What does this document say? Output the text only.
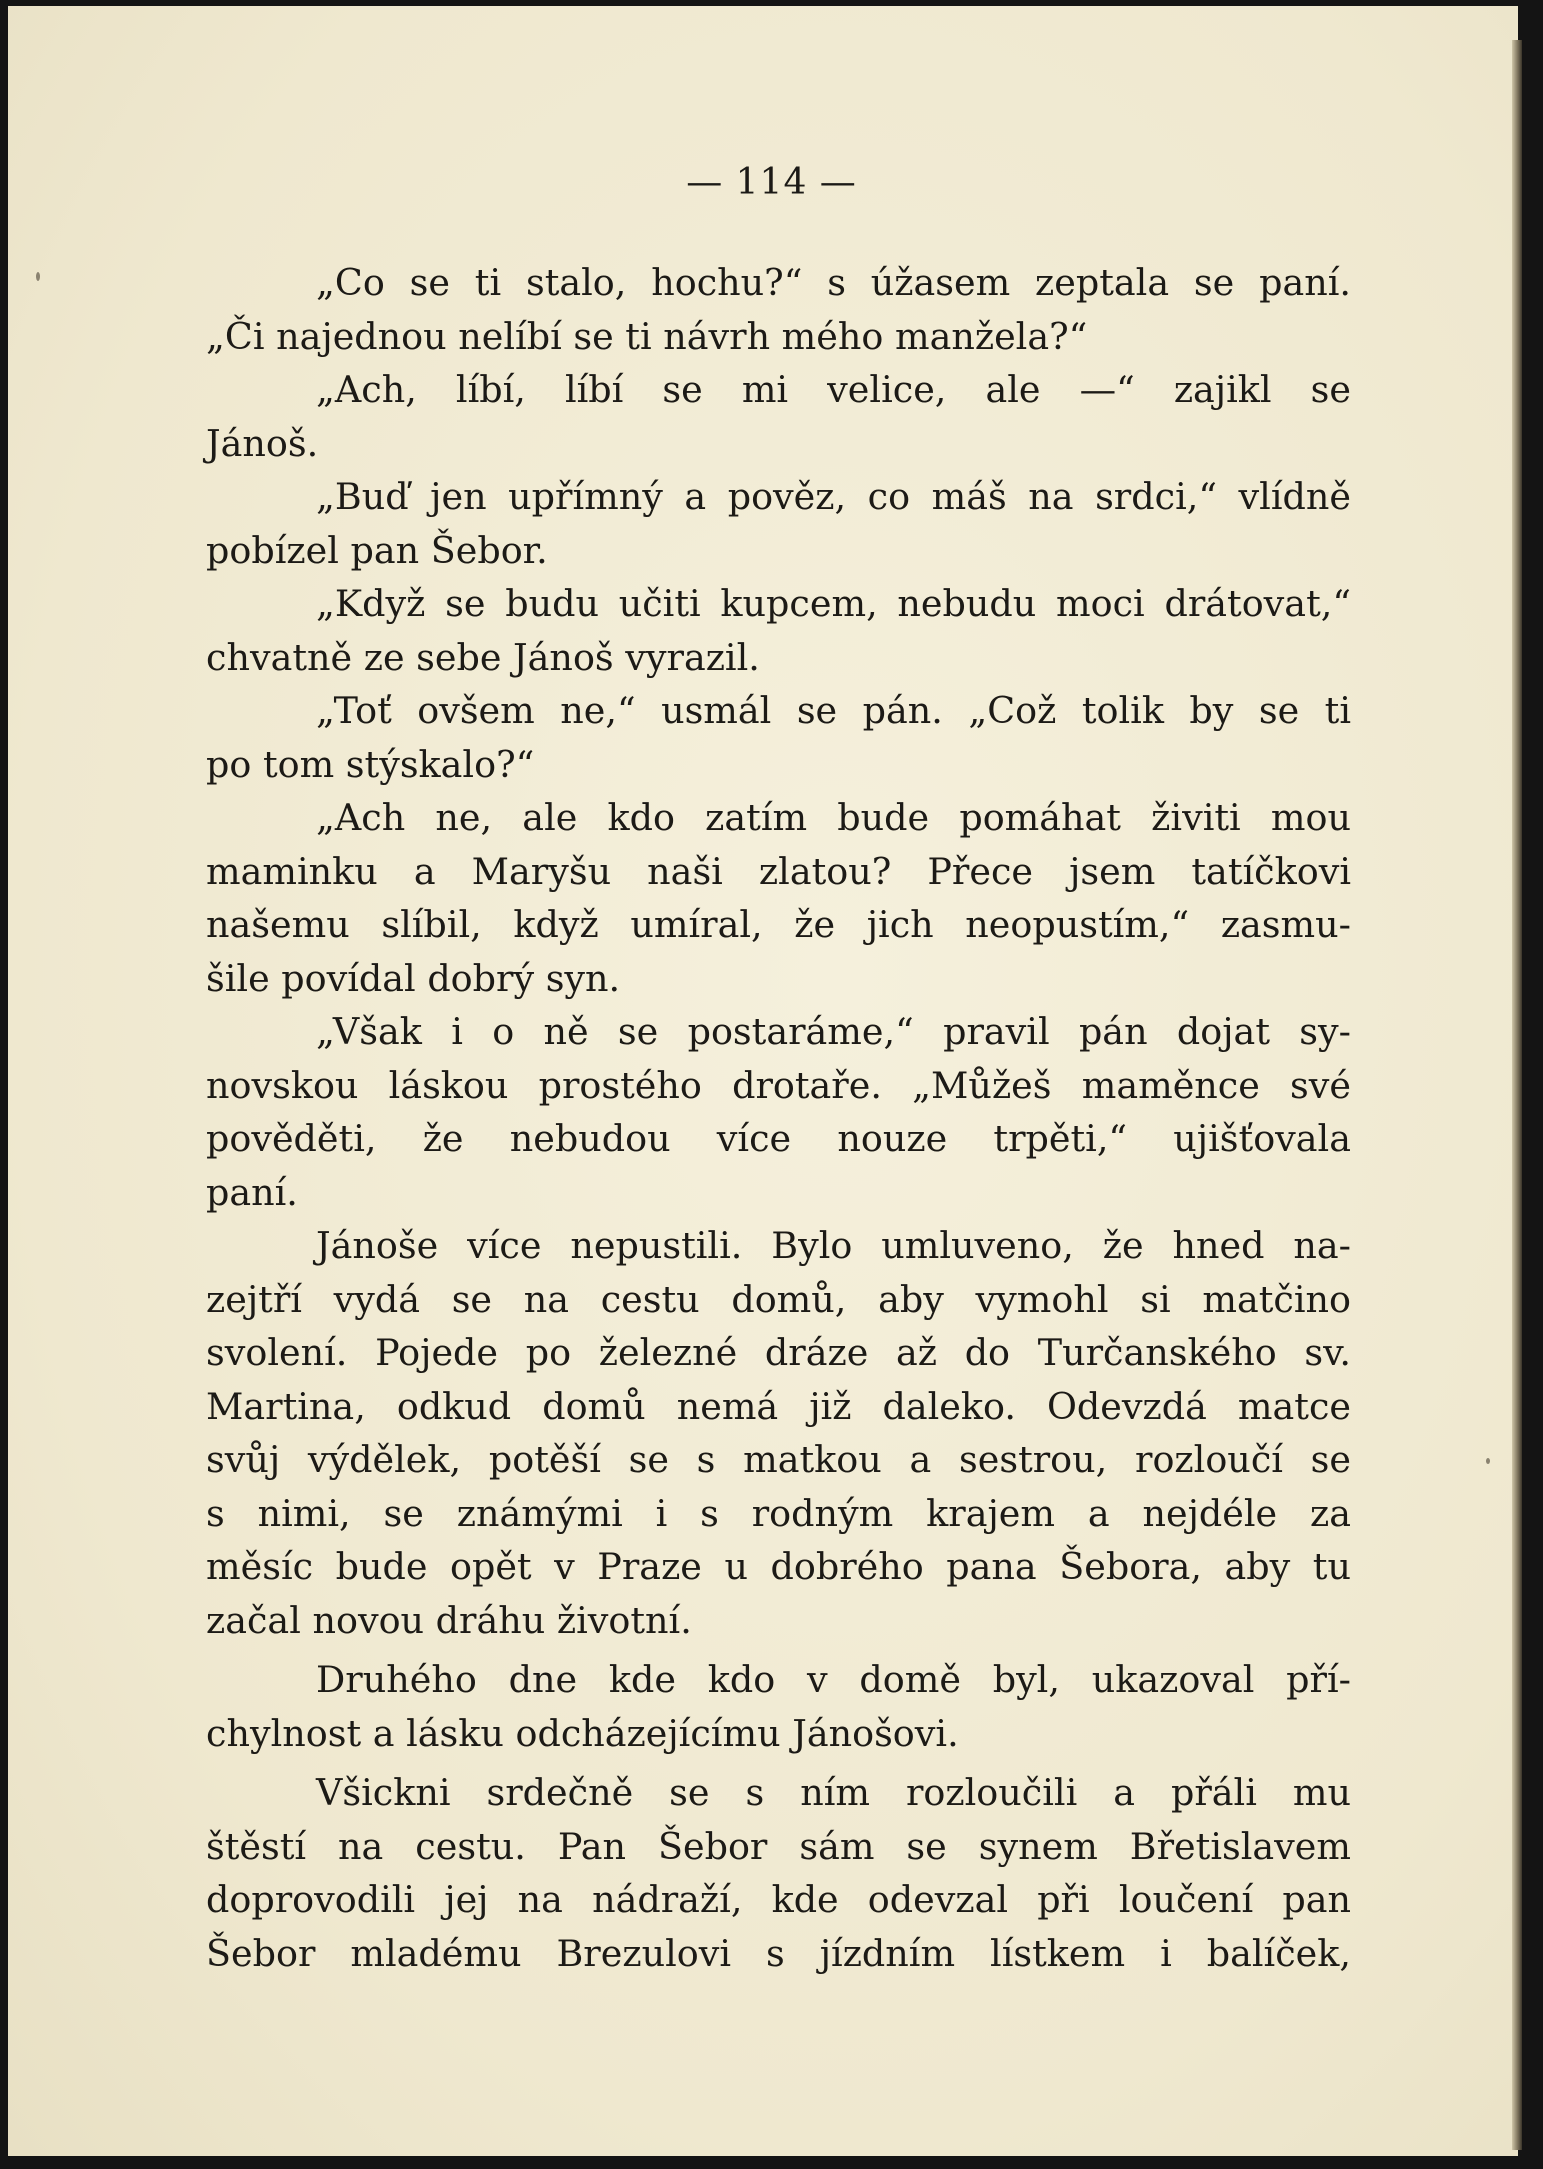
— 114 —
„Co se ti stalo, hochu?“ s úžasem zeptala se paní.
„Či najednou nelíbí se ti návrh mého manžela?“
„Ach, líbí, líbí se mi velice, ale —“ zajikl se
Jánoš.
„Buď jen upřímný a pověz, co máš na srdci,“ vlídně
pobízel pan Šebor.
„Když se budu učiti kupcem, nebudu moci drátovat,“
chvatně ze sebe Jánoš vyrazil.
„Toť ovšem ne,“ usmál se pán. „Což tolik by se ti
po tom stýskalo?“
„Ach ne, ale kdo zatím bude pomáhat živiti mou
maminku a Maryšu naši zlatou? Přece jsem tatíčkovi
našemu slíbil, když umíral, že jich neopustím,“ zasmu-
šile povídal dobrý syn.
„Však i o ně se postaráme,“ pravil pán dojat sy-
novskou láskou prostého drotaře. „Můžeš maměnce své
pověděti, že nebudou více nouze trpěti,“ ujišťovala
paní.
Jánoše více nepustili. Bylo umluveno, že hned na-
zejtří vydá se na cestu domů, aby vymohl si matčino
svolení. Pojede po železné dráze až do Turčanského sv.
Martina, odkud domů nemá již daleko. Odevzdá matce
svůj výdělek, potěší se s matkou a sestrou, rozloučí se
s nimi, se známými i s rodným krajem a nejdéle za
měsíc bude opět v Praze u dobrého pana Šebora, aby tu
začal novou dráhu životní.
Druhého dne kde kdo v domě byl, ukazoval pří-
chylnost a lásku odcházejícímu Jánošovi.
Všickni srdečně se s ním rozloučili a přáli mu
štěstí na cestu. Pan Šebor sám se synem Břetislavem
doprovodili jej na nádraží, kde odevzal při loučení pan
Šebor mladému Brezulovi s jízdním lístkem i balíček,
